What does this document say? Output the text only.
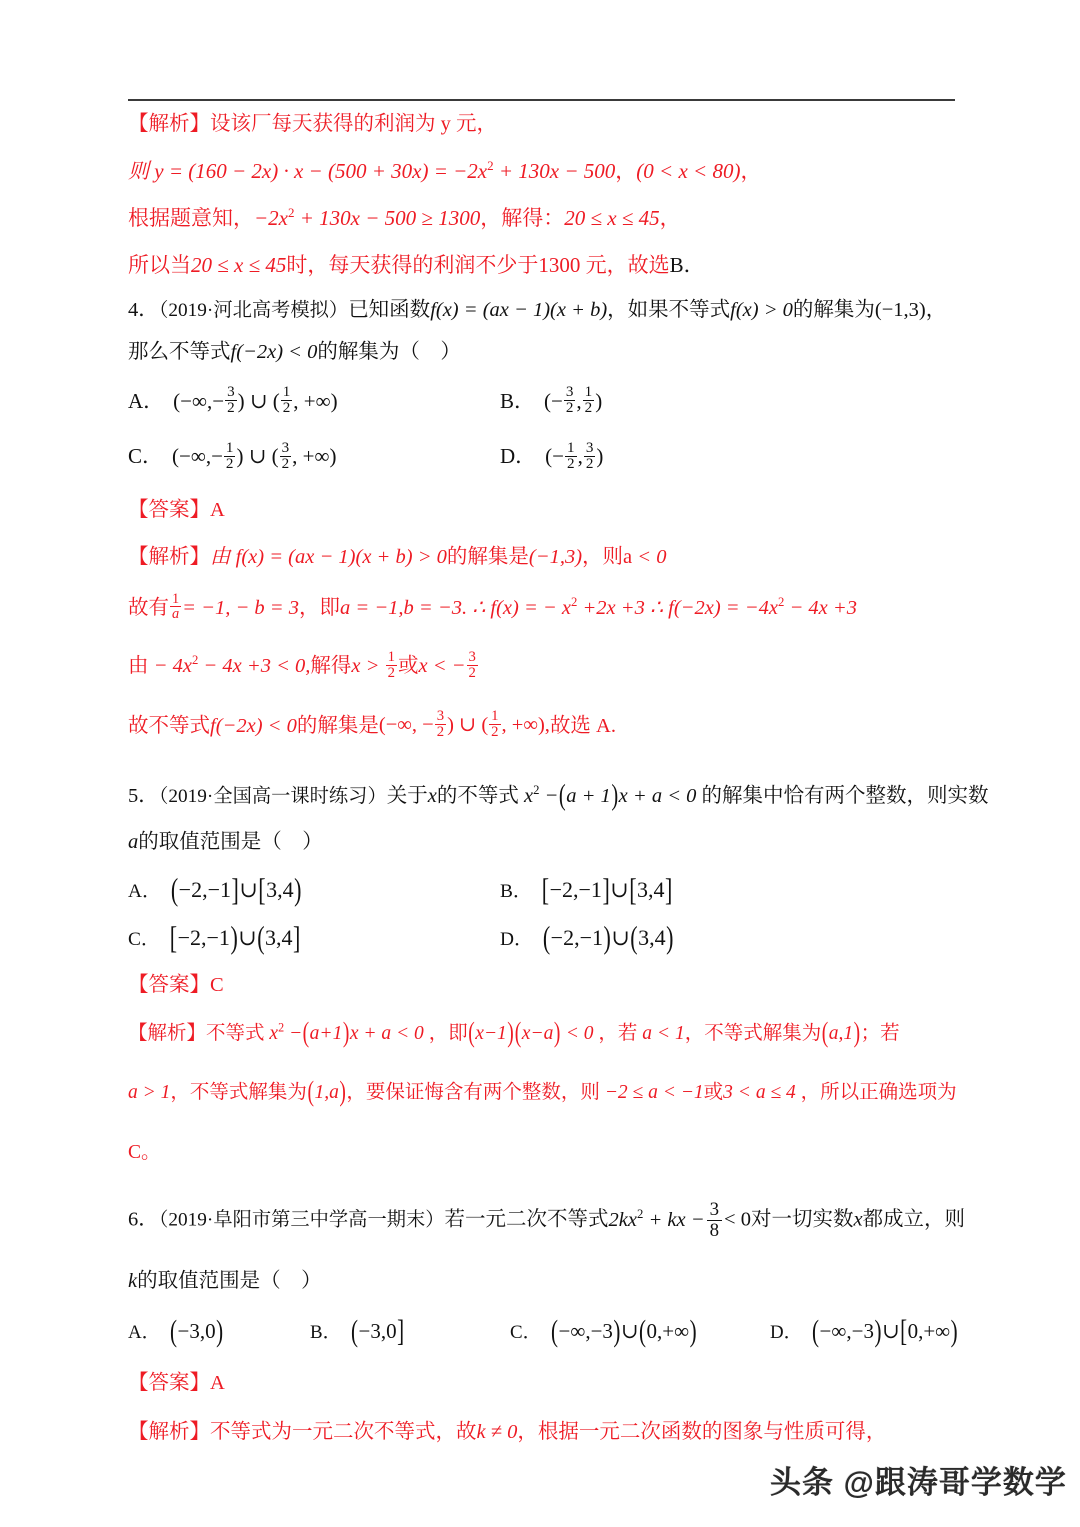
【解析】设该厂每天获得的利润为 y 元，
则 $y = (160 - 2x) \cdot x - (500 + 30x) = -2x^2 + 130x - 500$，(0 < x < 80)，
根据题意知，$-2x^2 + 130x - 500 \ge 1300$，解得：20 ≤ x ≤ 45，
所以当20 ≤ x ≤ 45时，每天获得的利润不少于1300 元，故选B．
4．（2019·河北高考模拟）已知函数f(x) = (ax − 1)(x + b)，如果不等式f(x) > 0的解集为(−1,3)，
那么不等式f(−2x) < 0的解集为（　）
A． (−∞,− $\frac{3}{2}$ ) ∪ ( $\frac{1}{2}$ , +∞)	B． (− $\frac{3}{2}$ , $\frac{1}{2}$ )
C． (−∞,− $\frac{1}{2}$ ) ∪ ( $\frac{3}{2}$ , +∞)	D． (− $\frac{1}{2}$ , $\frac{3}{2}$ )
【答案】A
【解析】由 f(x) = (ax − 1)(x + b) > 0的解集是(−1,3)，则a < 0
故有 $\frac{1}{a} = -1$, − b = 3，即a = −1,b = −3. ∴ f(x) = − $x^2 +2x +3$ ∴ $f(-2x) = -4x^2 - 4x +3$
由 − $4x^2 - 4x +3 < 0$,解得$x > \frac{1}{2}$ 或x < − $\frac{3}{2}$
故不等式f(−2x) < 0的解集是(−∞, − $\frac{3}{2}$ ) ∪ ( $\frac{1}{2}$ , +∞),故选 A.
5．（2019·全国高一课时练习）关于x的不等式 $x^2 -(a + 1)x + a < 0$ 的解集中恰有两个整数，则实数
a的取值范围是（　）
A． (−2,−1]∪[3,4)	B． [−2,−1]∪[3,4]
C． [−2,−1)∪(3,4]	D． (−2,−1)∪(3,4)
【答案】C
【解析】不等式 $x^2 -(a+1)x + a < 0$ ，即(x−1)(x−a) < 0 ，若 a < 1，不等式解集为(a,1)；若
a > 1，不等式解集为(1,a)，要保证悔含有两个整数，则 −2 ≤ a < −1或3 < a ≤ 4 ，所以正确选项为
C。
6．（2019·阜阳市第三中学高一期末）若一元二次不等式$2kx^2$ + kx − $\frac{3}{8} < 0$对一切实数x都成立，则
k的取值范围是（　）
A． (−3,0)	B． (−3,0]	C． (−∞,−3)∪(0,+∞)	D． (−∞,−3)∪[0,+∞)
【答案】A
【解析】不等式为一元二次不等式，故k ≠ 0，根据一元二次函数的图象与性质可得，
头条 @跟涛哥学数学
